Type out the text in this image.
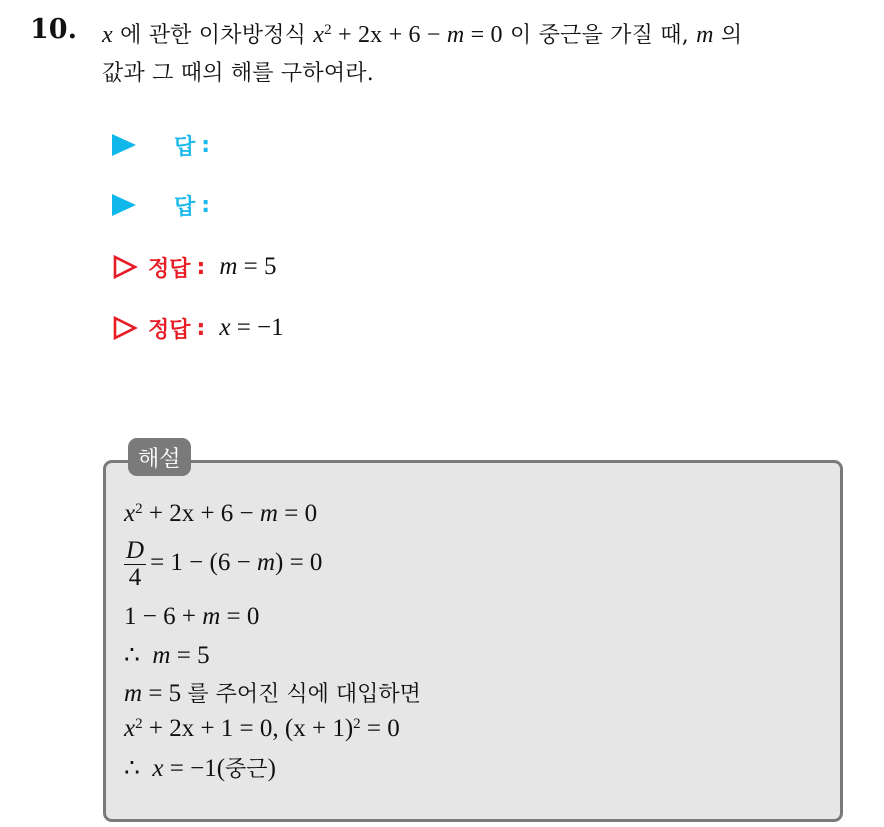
10. x 에 관한 이차방정식 $x^2 + 2x + 6 - m = 0$ 이 중근을 가질 때, m 의
값과 그 때의 해를 구하여라.
답 :
답 :
정답 : m = 5
정답 : x = −1
해설
$x^2 + 2x + 6 - m = 0$
$\frac{D}{4} = 1 - (6 - m) = 0$
1 − 6 + m = 0
∴ m = 5
m = 5 를 주어진 식에 대입하면
$x^2 + 2x + 1 = 0$, $(x + 1)^2 = 0$
∴ x = −1(중근)
